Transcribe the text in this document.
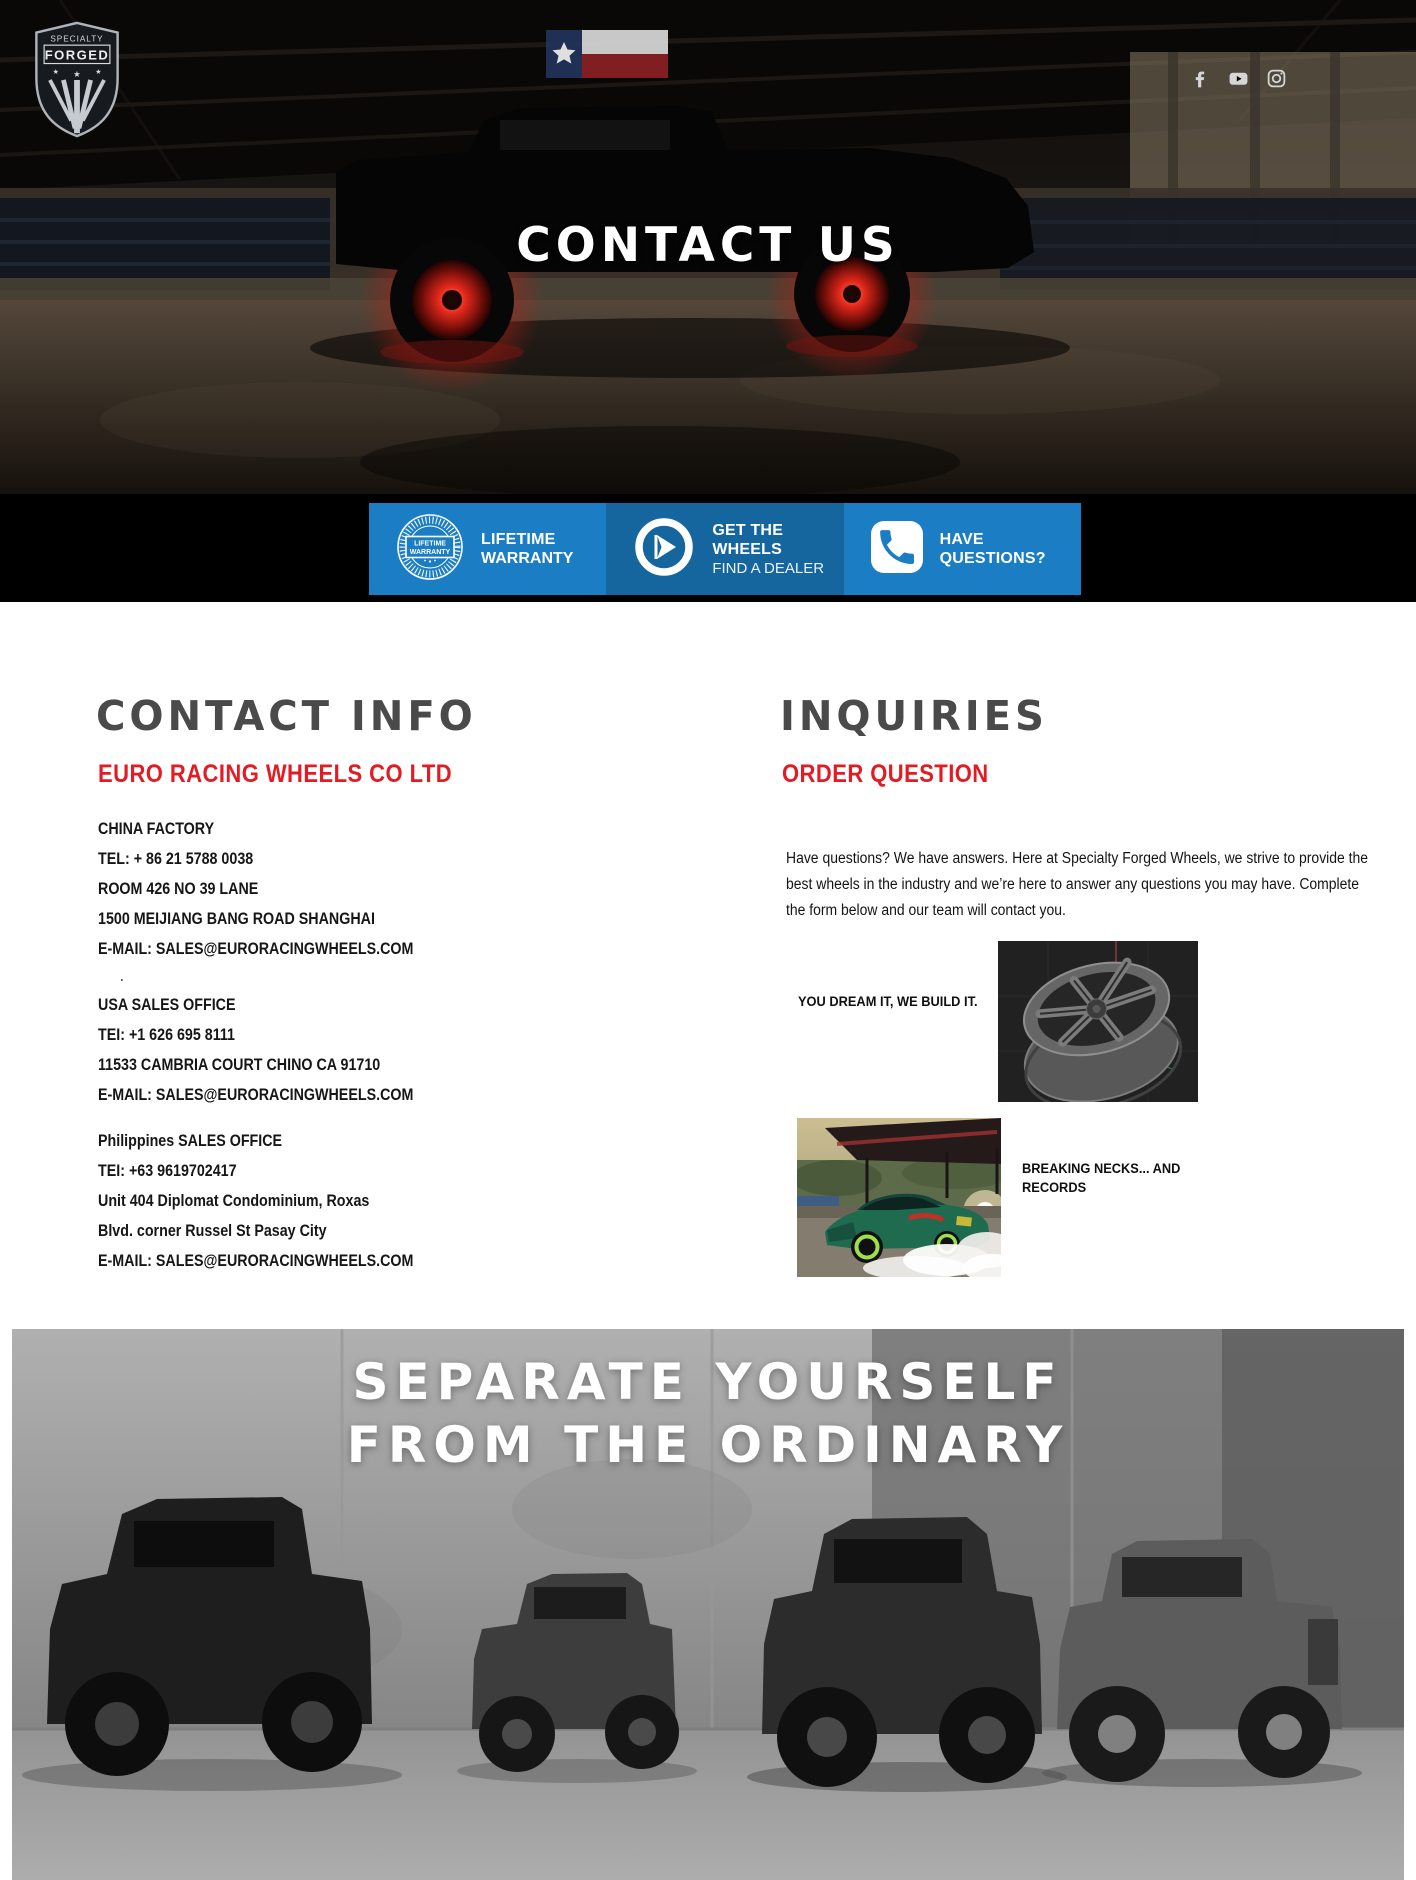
SPECIALTY
FORGED
★ ★ ★
CONTACT US
LIFETIME
WARRANTY
LIFETIME
WARRANTY
GET THE WHEELS
FIND A DEALER
HAVE QUESTIONS?
CONTACT INFO

EURO RACING WHEELS CO LTD

CHINA FACTORY
TEL: + 86 21 5788 0038
ROOM 426 NO 39 LANE
1500 MEIJIANG BANG ROAD SHANGHAI
E-MAIL: SALES@EURORACINGWHEELS.COM
.
USA SALES OFFICE
TEI: +1 626 695 8111
11533 CAMBRIA COURT CHINO CA 91710
E-MAIL: SALES@EURORACINGWHEELS.COM
Philippines SALES OFFICE
TEI: +63 9619702417
Unit 404 Diplomat Condominium, Roxas
Blvd. corner Russel St Pasay City
E-MAIL: SALES@EURORACINGWHEELS.COM
INQUIRIES

ORDER QUESTION

Have questions? We have answers. Here at Specialty Forged Wheels, we strive to provide the best wheels in the industry and we’re here to answer any questions you may have. Complete the form below and our team will contact you.

YOU DREAM IT, WE BUILD IT.
BREAKING NECKS... AND
RECORDS
SEPARATE YOURSELF
FROM THE ORDINARY
